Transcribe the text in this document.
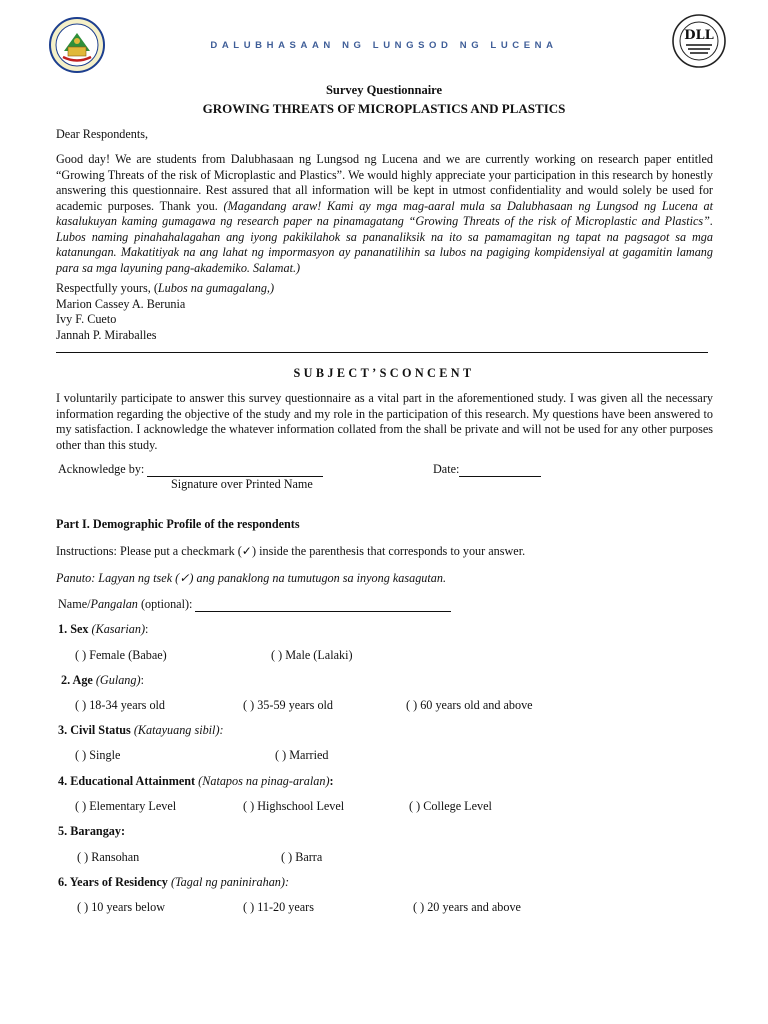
DLL
DALUBHASAAN NG LUNGSOD NG LUCENA
Survey Questionnaire
GROWING THREATS OF MICROPLASTICS AND PLASTICS
Dear Respondents,
Good day! We are students from Dalubhasaan ng Lungsod ng Lucena and we are currently working on research paper entitled “Growing Threats of the risk of Microplastic and Plastics”. We would highly appreciate your participation in this research by honestly answering this questionnaire. Rest assured that all information will be kept in utmost confidentiality and would solely be used for academic purposes. Thank you. (Magandang araw! Kami ay mga mag-aaral mula sa Dalubhasaan ng Lungsod ng Lucena at kasalukuyan kaming gumagawa ng research paper na pinamagatang “Growing Threats of the risk of Microplastic and Plastics”. Lubos naming pinahahalagahan ang iyong pakikilahok sa pananaliksik na ito sa pamamagitan ng tapat na pagsagot sa mga katanungan. Makatitiyak na ang lahat ng impormasyon ay pananatilihin sa lubos na pagiging kompidensiyal at gagamitin lamang para sa mga layuning pang-akademiko. Salamat.)
Respectfully yours, (Lubos na gumagalang,)
Marion Cassey A. Berunia
Ivy F. Cueto
Jannah P. Miraballes
SUBJECT’SCONCENT
I voluntarily participate to answer this survey questionnaire as a vital part in the aforementioned study. I was given all the necessary information regarding the objective of the study and my role in the participation of this research. My questions have been answered to my satisfaction. I acknowledge the whatever information collated from the shall be private and will not be used for any other purposes other than this study.
Acknowledge by:	Date:
Signature over Printed Name
Part I. Demographic Profile of the respondents
Instructions: Please put a checkmark (✓) inside the parenthesis that corresponds to your answer.
Panuto: Lagyan ng tsek (✓) ang panaklong na tumutugon sa inyong kasagutan.
Name/Pangalan (optional):
1. Sex (Kasarian):
( ) Female (Babae)	( ) Male (Lalaki)
2. Age (Gulang):
( ) 18-34 years old	( ) 35-59 years old	( ) 60 years old and above
3. Civil Status (Katayuang sibil):
( ) Single	( ) Married
4. Educational Attainment (Natapos na pinag-aralan):
( ) Elementary Level	( ) Highschool Level	( ) College Level
5. Barangay:
( ) Ransohan	( ) Barra
6. Years of Residency (Tagal ng paninirahan):
( ) 10 years below	( ) 11-20 years	( ) 20 years and above
